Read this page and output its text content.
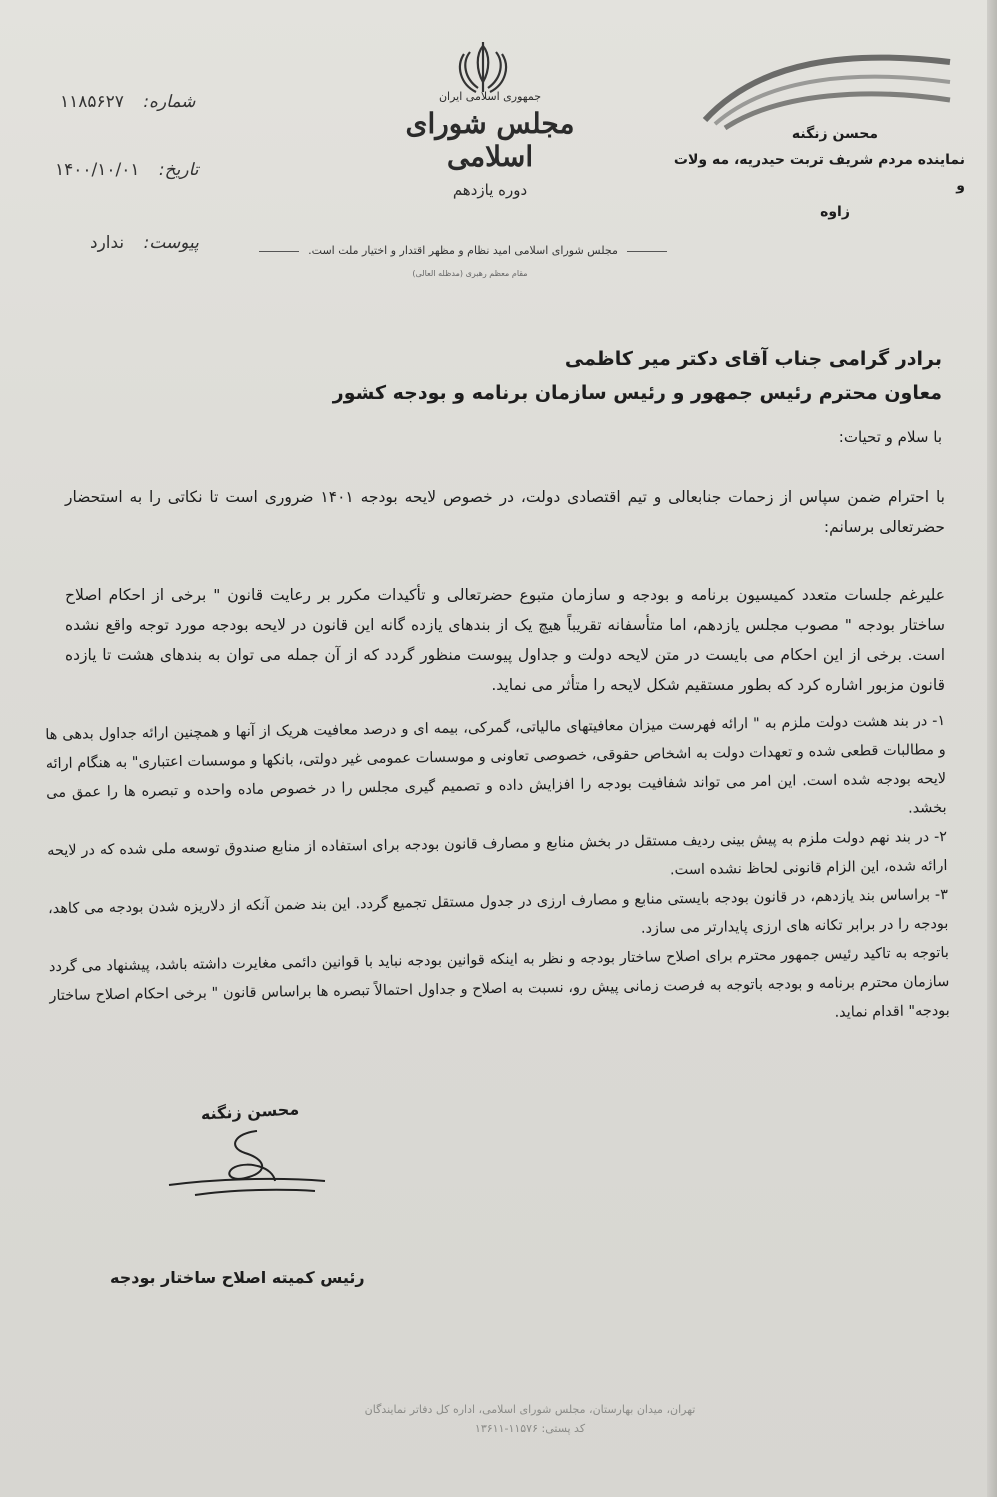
شماره: ۱۱۸۵۶۲۷
تاریخ: ۱۴۰۰/۱۰/۰۱
پیوست: ندارد
جمهوری اسلامی ایران
مجلس شورای اسلامی
دوره یازدهم
مجلس شورای اسلامی امید نظام و مظهر اقتدار و اختیار ملت است.
مقام معظم رهبری (مدظله العالی)
محسن زنگنه
نماینده مردم شریف تربت حیدریه، مه ولات و
زاوه
برادر گرامی جناب آقای دکتر میر کاظمی
معاون محترم رئیس جمهور و رئیس سازمان برنامه و بودجه کشور
با سلام و تحیات:

با احترام ضمن سپاس از زحمات جنابعالی و تیم اقتصادی دولت، در خصوص لایحه بودجه ۱۴۰۱ ضروری است تا نکاتی را به استحضار حضرتعالی برسانم:

علیرغم جلسات متعدد کمیسیون برنامه و بودجه و سازمان متبوع حضرتعالی و تأکیدات مکرر بر رعایت قانون " برخی از احکام اصلاح ساختار بودجه " مصوب مجلس یازدهم، اما متأسفانه تقریباً هیچ یک از بندهای یازده گانه این قانون در لایحه بودجه مورد توجه واقع نشده است. برخی از این احکام می بایست در متن لایحه دولت و جداول پیوست منظور گردد که از آن جمله می توان به بندهای هشت تا یازده قانون مزبور اشاره کرد که بطور مستقیم شکل لایحه را متأثر می نماید.

۱- در بند هشت دولت ملزم به " ارائه فهرست میزان معافیتهای مالیاتی، گمرکی، بیمه ای و درصد معافیت هریک از آنها و همچنین ارائه جداول بدهی ها و مطالبات قطعی شده و تعهدات دولت به اشخاص حقوقی، خصوصی تعاونی و موسسات عمومی غیر دولتی، بانکها و موسسات اعتباری" به هنگام ارائه لایحه بودجه شده است. این امر می تواند شفافیت بودجه را افزایش داده و تصمیم گیری مجلس را در خصوص ماده واحده و تبصره ها را عمق می بخشد.

۲- در بند نهم دولت ملزم به پیش بینی ردیف مستقل در بخش منابع و مصارف قانون بودجه برای استفاده از منابع صندوق توسعه ملی شده که در لایحه ارائه شده، این الزام قانونی لحاظ نشده است.

۳- براساس بند یازدهم، در قانون بودجه بایستی منابع و مصارف ارزی در جدول مستقل تجمیع گردد. این بند ضمن آنکه از دلاریزه شدن بودجه می کاهد، بودجه را در برابر تکانه های ارزی پایدارتر می سازد.

باتوجه به تاکید رئیس جمهور محترم برای اصلاح ساختار بودجه و نظر به اینکه قوانین بودجه نباید با قوانین دائمی مغایرت داشته باشد، پیشنهاد می گردد سازمان محترم برنامه و بودجه باتوجه به فرصت زمانی پیش رو، نسبت به اصلاح و جداول احتمالاً تبصره ها براساس قانون " برخی احکام اصلاح ساختار بودجه" اقدام نماید.

محسن زنگنه
رئیس کمیته اصلاح ساختار بودجه
تهران، میدان بهارستان، مجلس شورای اسلامی، اداره کل دفاتر نمایندگان
کد پستی: ۱۱۵۷۶-۱۳۶۱۱
